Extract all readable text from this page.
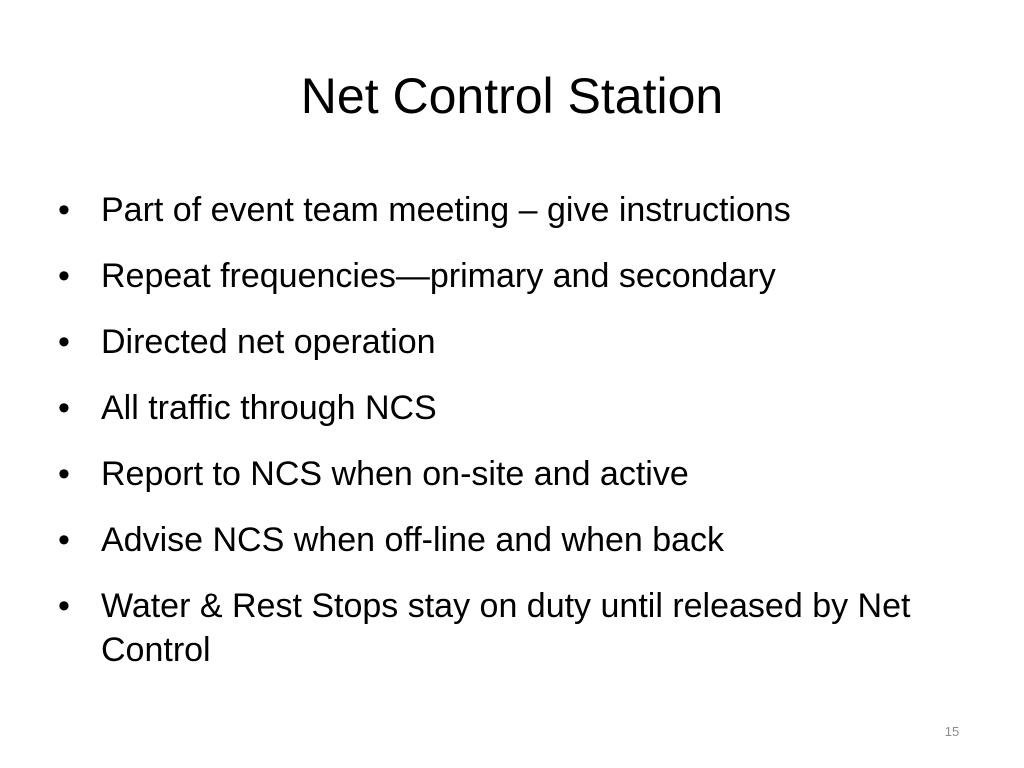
Net Control Station
• Part of event team meeting – give instructions
• Repeat frequencies—primary and secondary
• Directed net operation
• All traffic through NCS
• Report to NCS when on-site and active
• Advise NCS when off-line and when back
• Water & Rest Stops stay on duty until released by Net Control
15
